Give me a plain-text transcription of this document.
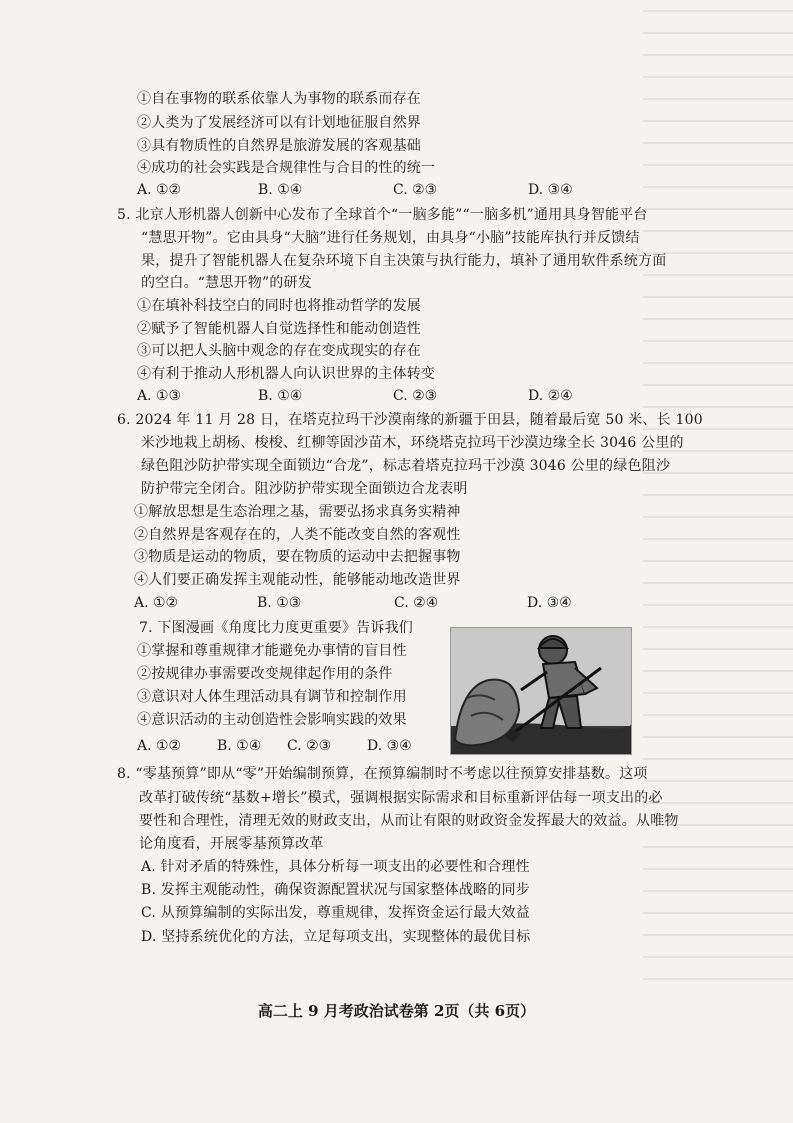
①自在事物的联系依靠人为事物的联系而存在
②人类为了发展经济可以有计划地征服自然界
③具有物质性的自然界是旅游发展的客观基础
④成功的社会实践是合规律性与合目的性的统一
A. ①②	B. ①④	C. ②③	D. ③④
5. 北京人形机器人创新中心发布了全球首个“一脑多能”“一脑多机”通用具身智能平台
“慧思开物”。它由具身“大脑”进行任务规划，由具身“小脑”技能库执行并反馈结
果，提升了智能机器人在复杂环境下自主决策与执行能力，填补了通用软件系统方面
的空白。“慧思开物”的研发
①在填补科技空白的同时也将推动哲学的发展
②赋予了智能机器人自觉选择性和能动创造性
③可以把人头脑中观念的存在变成现实的存在
④有利于推动人形机器人向认识世界的主体转变
A. ①③	B. ①④	C. ②③	D. ②④
6. 2024 年 11 月 28 日，在塔克拉玛干沙漠南缘的新疆于田县，随着最后宽 50 米、长 100
米沙地栽上胡杨、梭梭、红柳等固沙苗木，环绕塔克拉玛干沙漠边缘全长 3046 公里的
绿色阻沙防护带实现全面锁边“合龙”，标志着塔克拉玛干沙漠 3046 公里的绿色阻沙
防护带完全闭合。阻沙防护带实现全面锁边合龙表明
①解放思想是生态治理之基，需要弘扬求真务实精神
②自然界是客观存在的，人类不能改变自然的客观性
③物质是运动的物质，要在物质的运动中去把握事物
④人们要正确发挥主观能动性，能够能动地改造世界
A. ①②	B. ①③	C. ②④	D. ③④
7. 下图漫画《角度比力度更重要》告诉我们
①掌握和尊重规律才能避免办事情的盲目性
②按规律办事需要改变规律起作用的条件
③意识对人体生理活动具有调节和控制作用
④意识活动的主动创造性会影响实践的效果
A. ①②	B. ①④ C. ②③	D. ③④
8. “零基预算”即从“零”开始编制预算，在预算编制时不考虑以往预算安排基数。这项
改革打破传统“基数+增长”模式，强调根据实际需求和目标重新评估每一项支出的必
要性和合理性，清理无效的财政支出，从而让有限的财政资金发挥最大的效益。从唯物
论角度看，开展零基预算改革
A. 针对矛盾的特殊性，具体分析每一项支出的必要性和合理性
B. 发挥主观能动性，确保资源配置状况与国家整体战略的同步
C. 从预算编制的实际出发，尊重规律，发挥资金运行最大效益
D. 坚持系统优化的方法，立足每项支出，实现整体的最优目标
高二上 9 月考政治试卷第 2页（共 6页）
